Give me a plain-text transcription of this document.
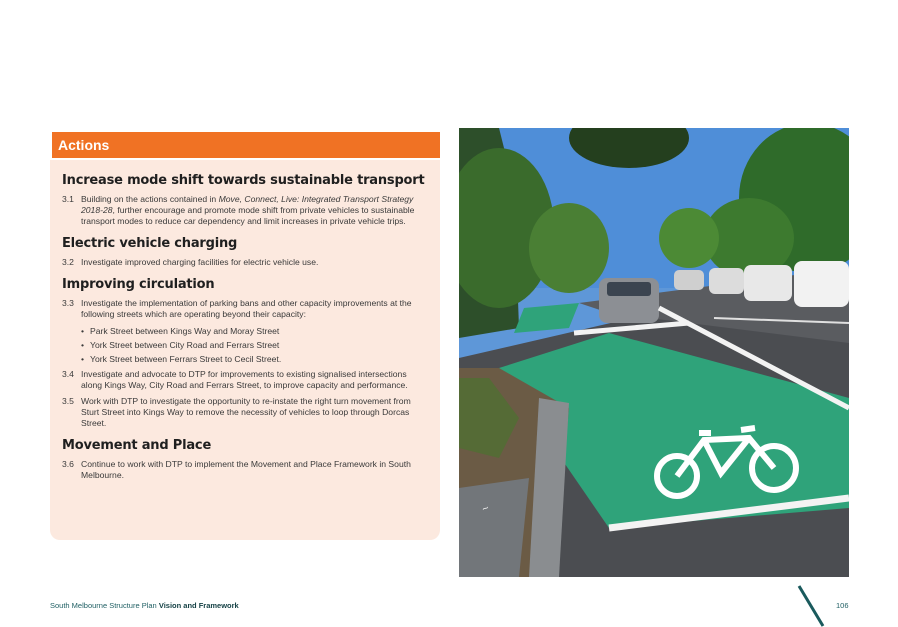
Actions
Increase mode shift towards sustainable transport
3.1 Building on the actions contained in Move, Connect, Live: Integrated Transport Strategy 2018-28, further encourage and promote mode shift from private vehicles to sustainable transport modes to reduce car dependency and limit increases in private vehicle trips.
Electric vehicle charging
3.2 Investigate improved charging facilities for electric vehicle use.
Improving circulation
3.3 Investigate the implementation of parking bans and other capacity improvements at the following streets which are operating beyond their capacity:
• Park Street between Kings Way and Moray Street
• York Street between City Road and Ferrars Street
• York Street between Ferrars Street to Cecil Street.
3.4 Investigate and advocate to DTP for improvements to existing signalised intersections along Kings Way, City Road and Ferrars Street, to improve capacity and performance.
3.5 Work with DTP to investigate the opportunity to re-instate the right turn movement from Sturt Street into Kings Way to remove the necessity of vehicles to loop through Dorcas Street.
Movement and Place
3.6 Continue to work with DTP to implement the Movement and Place Framework in South Melbourne.
~
South Melbourne Structure Plan Vision and Framework	106
